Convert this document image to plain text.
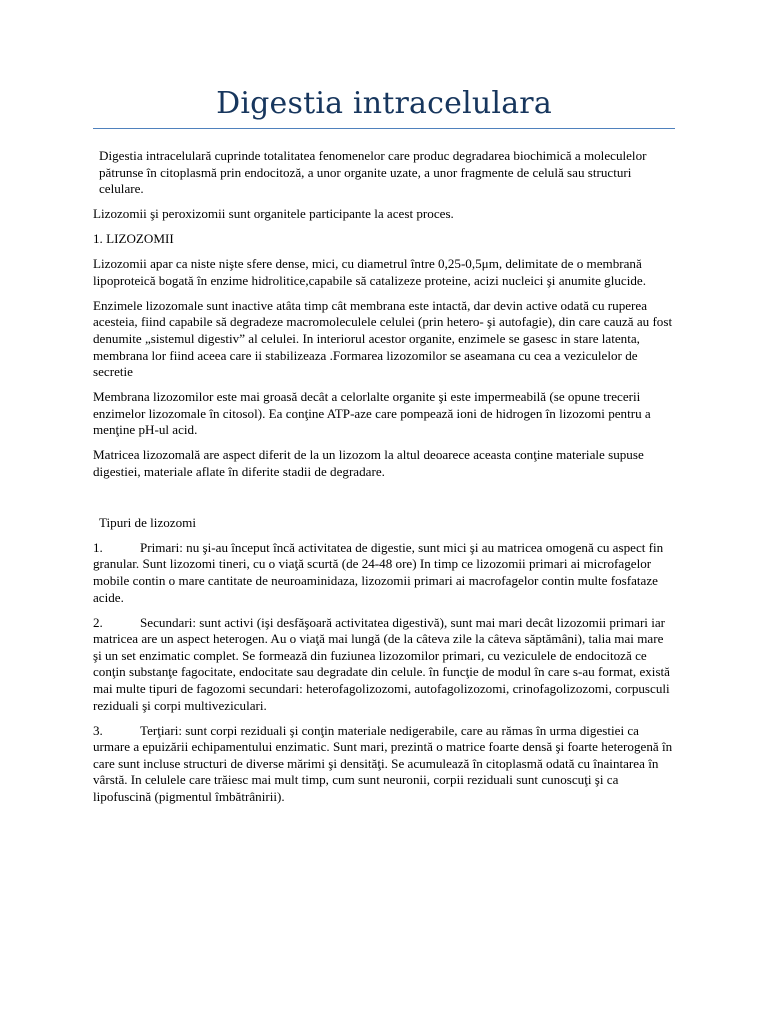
Digestia intracelulara

Digestia intracelulară cuprinde totalitatea fenomenelor care produc degradarea biochimică a moleculelor pătrunse în citoplasmă prin endocitoză, a unor organite uzate, a unor fragmente de celulă sau structuri celulare.

Lizozomii şi peroxizomii sunt organitele participante la acest proces.

1. LIZOZOMII

Lizozomii apar ca niste nişte sfere dense, mici, cu diametrul între 0,25-0,5μm, delimitate de o membrană lipoproteică bogată în enzime hidrolitice,capabile să catalizeze proteine, acizi nucleici şi anumite glucide.

Enzimele lizozomale sunt inactive atâta timp cât membrana este intactă, dar devin active odată cu ruperea acesteia, fiind capabile să degradeze macromoleculele celulei (prin hetero- şi autofagie), din care cauză au fost denumite „sistemul digestiv” al celulei. In interiorul acestor organite, enzimele se gasesc in stare latenta, membrana lor fiind aceea care ii stabilizeaza .Formarea lizozomilor se aseamana cu cea a veziculelor de secretie

Membrana lizozomilor este mai groasă decât a celorlalte organite şi este impermeabilă (se opune trecerii enzimelor lizozomale în citosol). Ea conţine ATP-aze care pompează ioni de hidrogen în lizozomi pentru a menţine pH-ul acid.

Matricea lizozomală are aspect diferit de la un lizozom la altul deoarece aceasta conţine materiale supuse digestiei, materiale aflate în diferite stadii de degradare.

Tipuri de lizozomi

1.	Primari: nu şi-au început încă activitatea de digestie, sunt mici şi au matricea omogenă cu aspect fin granular. Sunt lizozomi tineri, cu o viaţă scurtă (de 24-48 ore) In timp ce lizozomii primari ai microfagelor mobile contin o mare cantitate de neuroaminidaza, lizozomii primari ai macrofagelor contin multe fosfataze acide.

2.	Secundari: sunt activi (işi desfăşoară activitatea digestivă), sunt mai mari decât lizozomii primari iar matricea are un aspect heterogen. Au o viaţă mai lungă (de la câteva zile la câteva săptămâni), talia mai mare şi un set enzimatic complet. Se formează din fuziunea lizozomilor primari, cu veziculele de endocitoză ce conţin substanţe fagocitate, endocitate sau degradate din celule. în funcţie de modul în care s-au format, există mai multe tipuri de fagozomi secundari: heterofagolizozomi, autofagolizozomi, crinofagolizozomi, corpusculi reziduali şi corpi multiveziculari.

3.	Terţiari: sunt corpi reziduali şi conţin materiale nedigerabile, care au rămas în urma digestiei ca urmare a epuizării echipamentului enzimatic. Sunt mari, prezintă o matrice foarte densă şi foarte heterogenă în care sunt incluse structuri de diverse mărimi şi densităţi. Se acumulează în citoplasmă odată cu înaintarea în vârstă. In celulele care trăiesc mai mult timp, cum sunt neuronii, corpii reziduali sunt cunoscuţi şi ca lipofuscină (pigmentul îmbătrânirii).
